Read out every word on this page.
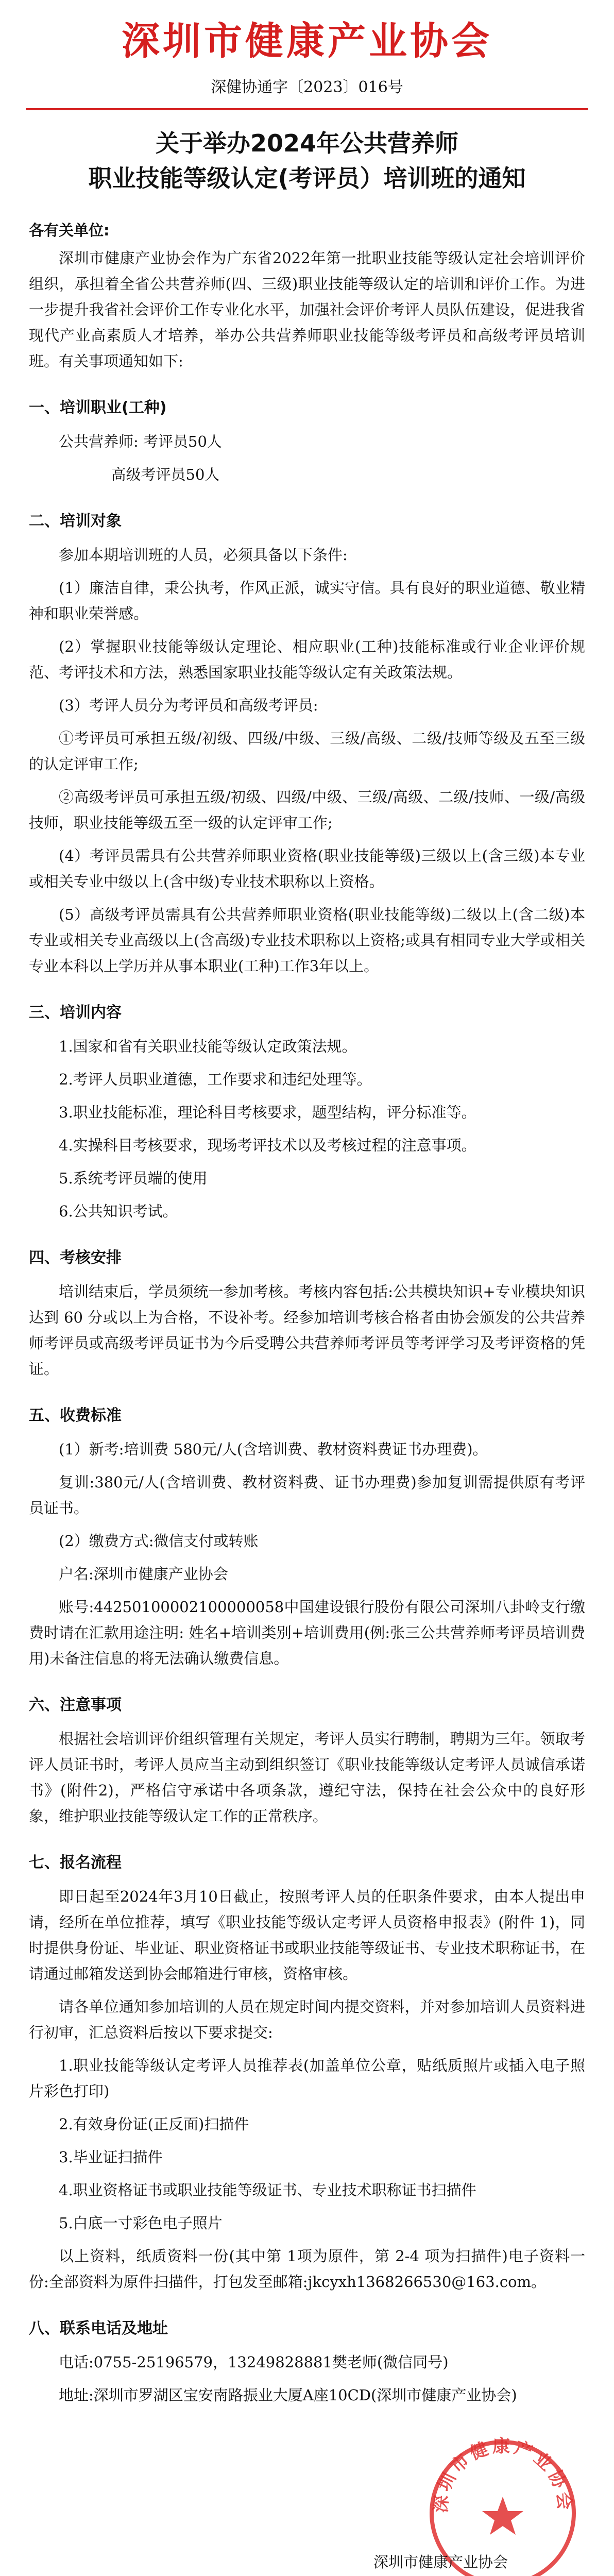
深圳市健康产业协会
深健协通字〔2023〕016号
关于举办2024年公共营养师
职业技能等级认定(考评员）培训班的通知
各有关单位:

深圳市健康产业协会作为广东省2022年第一批职业技能等级认定社会培训评价组织，承担着全省公共营养师(四、三级)职业技能等级认定的培训和评价工作。为进一步提升我省社会评价工作专业化水平，加强社会评价考评人员队伍建设，促进我省现代产业高素质人才培养，举办公共营养师职业技能等级考评员和高级考评员培训班。有关事项通知如下:

一、培训职业(工种)

公共营养师: 考评员50人

高级考评员50人

二、培训对象

参加本期培训班的人员，必须具备以下条件:

(1）廉洁自律，秉公执考，作风正派，诚实守信。具有良好的职业道德、敬业精神和职业荣誉感。

(2）掌握职业技能等级认定理论、相应职业(工种)技能标准或行业企业评价规范、考评技术和方法，熟悉国家职业技能等级认定有关政策法规。

(3）考评人员分为考评员和高级考评员:

①考评员可承担五级/初级、四级/中级、三级/高级、二级/技师等级及五至三级的认定评审工作;

②高级考评员可承担五级/初级、四级/中级、三级/高级、二级/技师、一级/高级技师，职业技能等级五至一级的认定评审工作;

(4）考评员需具有公共营养师职业资格(职业技能等级)三级以上(含三级)本专业或相关专业中级以上(含中级)专业技术职称以上资格。

(5）高级考评员需具有公共营养师职业资格(职业技能等级)二级以上(含二级)本专业或相关专业高级以上(含高级)专业技术职称以上资格;或具有相同专业大学或相关专业本科以上学历并从事本职业(工种)工作3年以上。

三、培训内容

1.国家和省有关职业技能等级认定政策法规。

2.考评人员职业道德，工作要求和违纪处理等。

3.职业技能标准，理论科目考核要求，题型结构，评分标准等。

4.实操科目考核要求，现场考评技术以及考核过程的注意事项。

5.系统考评员端的使用

6.公共知识考试。

四、考核安排

培训结束后，学员须统一参加考核。考核内容包括:公共模块知识+专业模块知识达到 60 分或以上为合格，不设补考。经参加培训考核合格者由协会颁发的公共营养师考评员或高级考评员证书为今后受聘公共营养师考评员等考评学习及考评资格的凭证。

五、收费标准

(1）新考:培训费 580元/人(含培训费、教材资料费证书办理费)。

复训:380元/人(含培训费、教材资料费、证书办理费)参加复训需提供原有考评员证书。

(2）缴费方式:微信支付或转账

户名:深圳市健康产业协会

账号:44250100002100000058中国建设银行股份有限公司深圳八卦岭支行缴费时请在汇款用途注明: 姓名+培训类别+培训费用(例:张三公共营养师考评员培训费用)未备注信息的将无法确认缴费信息。

六、注意事项

根据社会培训评价组织管理有关规定，考评人员实行聘制，聘期为三年。领取考评人员证书时，考评人员应当主动到组织签订《职业技能等级认定考评人员诚信承诺书》(附件2)，严格信守承诺中各项条款，遵纪守法，保持在社会公众中的良好形象，维护职业技能等级认定工作的正常秩序。

七、报名流程

即日起至2024年3月10日截止，按照考评人员的任职条件要求，由本人提出申请，经所在单位推荐，填写《职业技能等级认定考评人员资格申报表》(附件 1)，同时提供身份证、毕业证、职业资格证书或职业技能等级证书、专业技术职称证书，在请通过邮箱发送到协会邮箱进行审核，资格审核。

请各单位通知参加培训的人员在规定时间内提交资料，并对参加培训人员资料进行初审，汇总资料后按以下要求提交:

1.职业技能等级认定考评人员推荐表(加盖单位公章，贴纸质照片或插入电子照片彩色打印)

2.有效身份证(正反面)扫描件

3.毕业证扫描件

4.职业资格证书或职业技能等级证书、专业技术职称证书扫描件

5.白底一寸彩色电子照片

以上资料，纸质资料一份(其中第 1项为原件，第 2-4 项为扫描件)电子资料一份:全部资料为原件扫描件，打包发至邮箱:jkcyxh1368266530@163.com。

八、联系电话及地址

电话:0755-25196579，13249828881樊老师(微信同号)

地址:深圳市罗湖区宝安南路振业大厦A座10CD(深圳市健康产业协会)

深圳市健康产业协会
深圳市健康产业协会
